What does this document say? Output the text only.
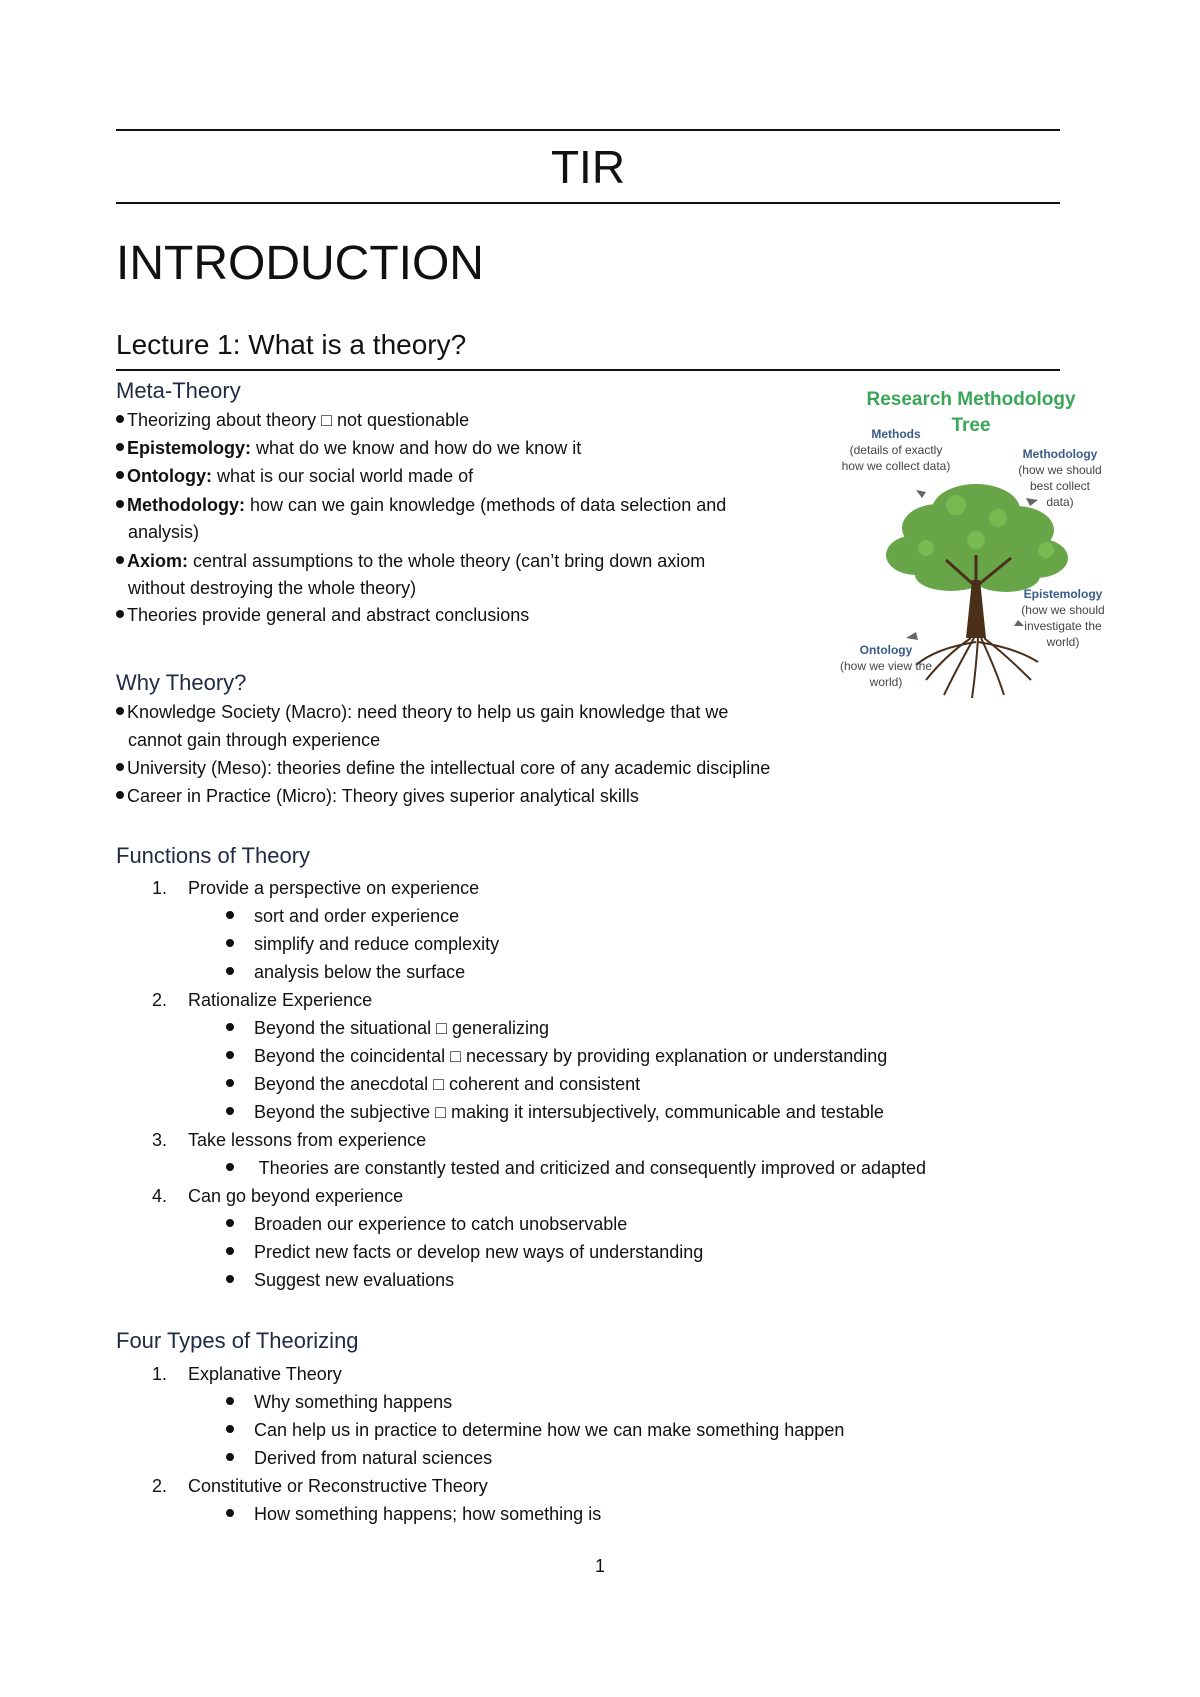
TIR
INTRODUCTION
Lecture 1: What is a theory?
Meta-Theory
Theorizing about theory □ not questionable
Epistemology: what do we know and how do we know it
Ontology: what is our social world made of
Methodology: how can we gain knowledge (methods of data selection and
analysis)
Axiom: central assumptions to the whole theory (can’t bring down axiom
without destroying the whole theory)
Theories provide general and abstract conclusions
Research Methodology
Tree
Methods
(details of exactly
how we collect data)
Methodology
(how we should
best collect
data)
Epistemology
(how we should
investigate the
world)
Ontology
(how we view the
world)
Why Theory?
Knowledge Society (Macro): need theory to help us gain knowledge that we
cannot gain through experience
University (Meso): theories define the intellectual core of any academic discipline
Career in Practice (Micro): Theory gives superior analytical skills
Functions of Theory
1. Provide a perspective on experience
sort and order experience
simplify and reduce complexity
analysis below the surface
2. Rationalize Experience
Beyond the situational □ generalizing
Beyond the coincidental □ necessary by providing explanation or understanding
Beyond the anecdotal □ coherent and consistent
Beyond the subjective □ making it intersubjectively, communicable and testable
3. Take lessons from experience
Theories are constantly tested and criticized and consequently improved or adapted
4. Can go beyond experience
Broaden our experience to catch unobservable
Predict new facts or develop new ways of understanding
Suggest new evaluations
Four Types of Theorizing
1. Explanative Theory
Why something happens
Can help us in practice to determine how we can make something happen
Derived from natural sciences
2. Constitutive or Reconstructive Theory
How something happens; how something is
1
